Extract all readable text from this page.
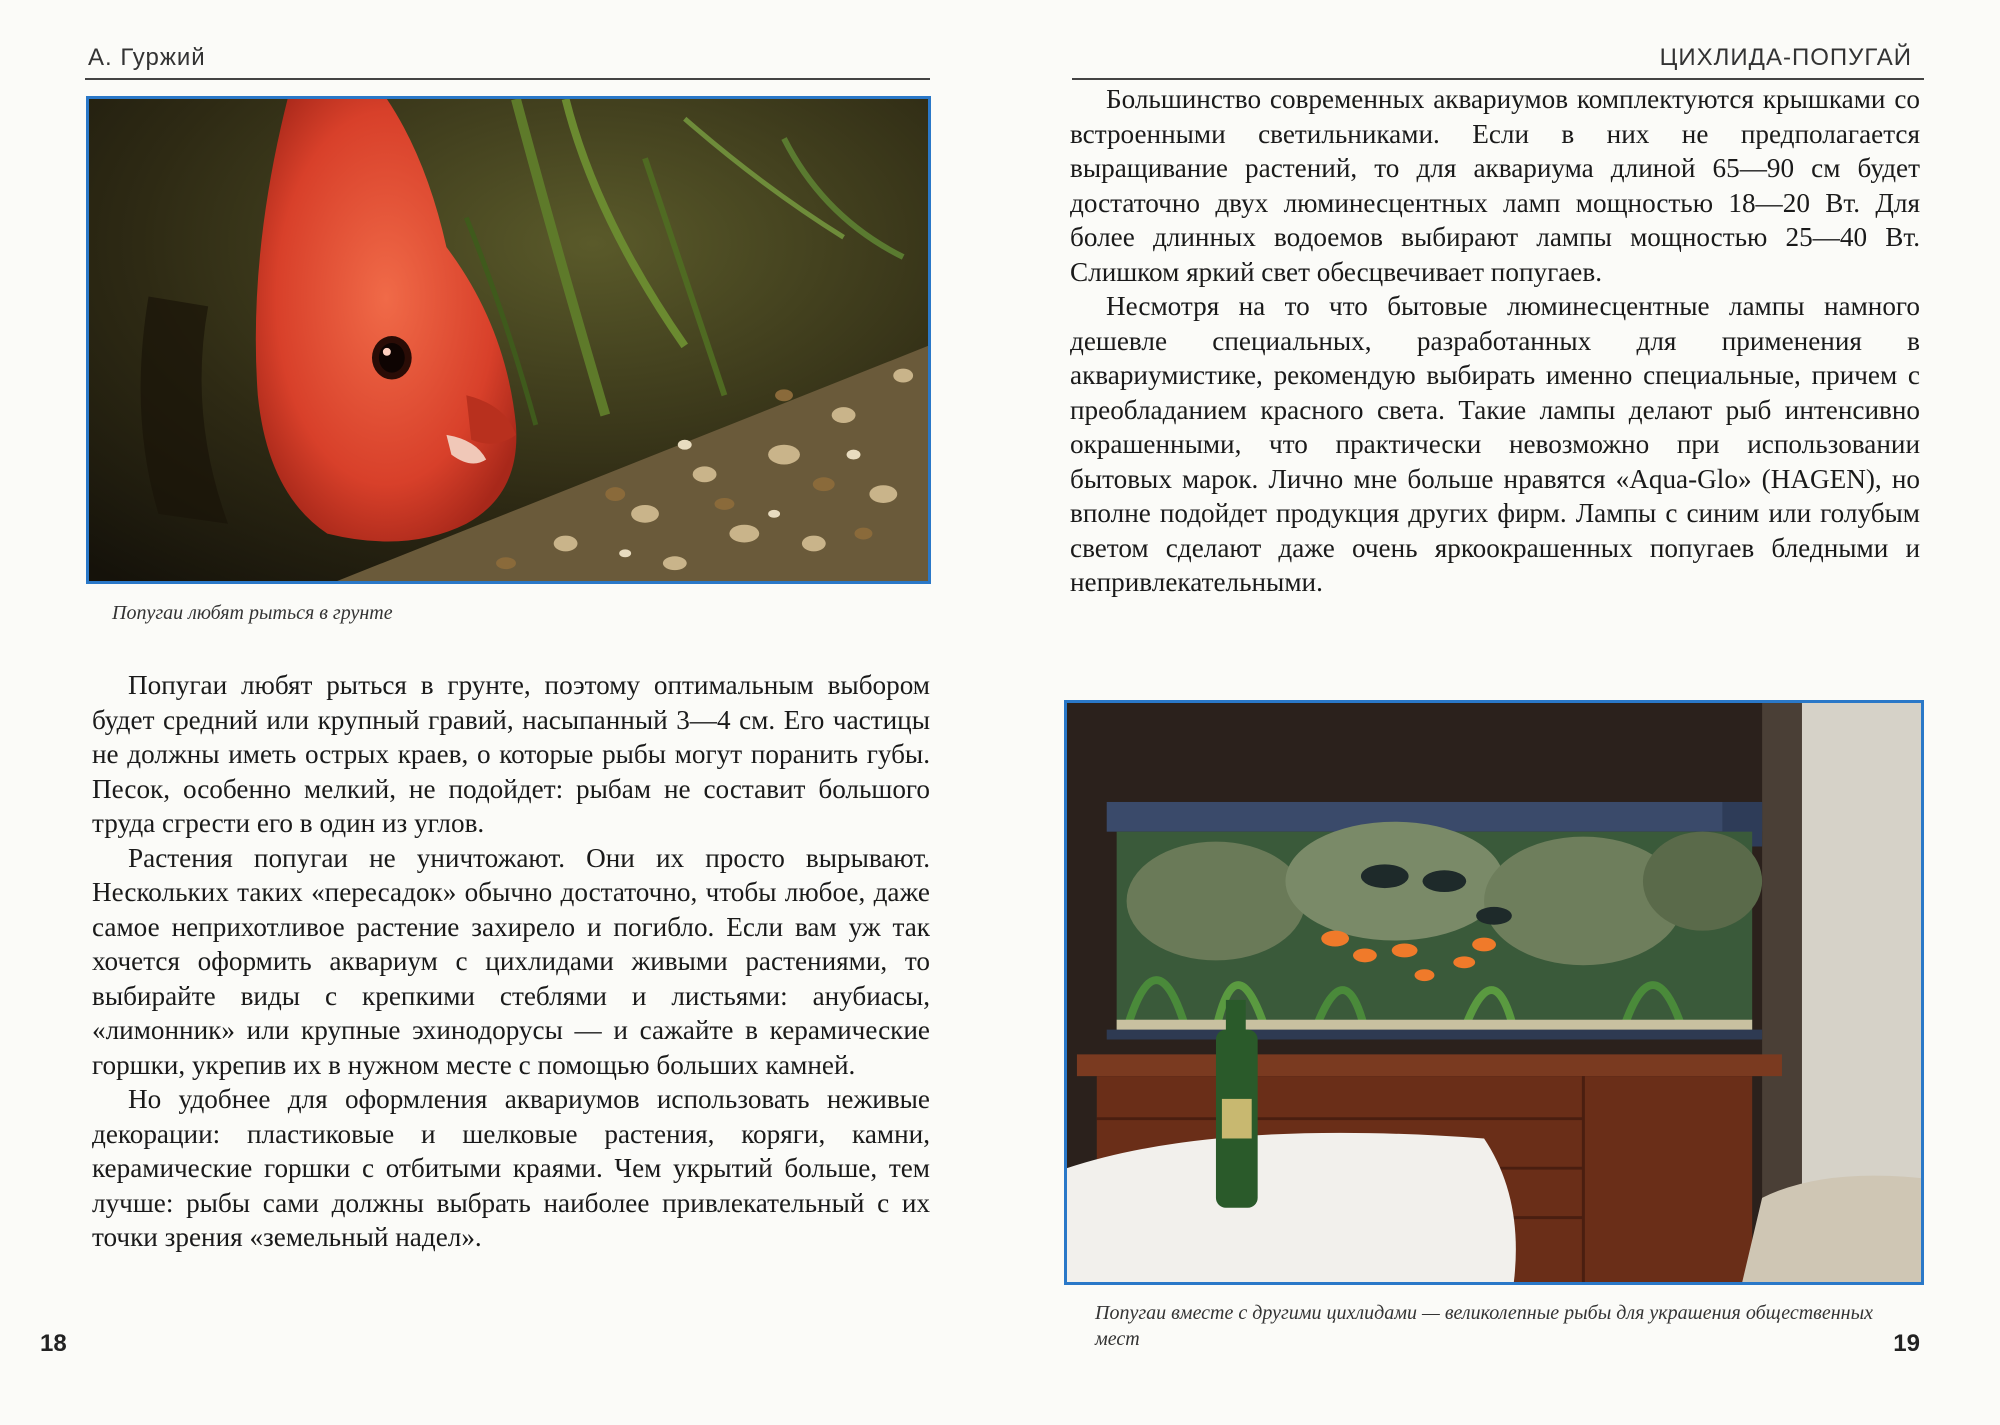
А. Гуржий
Попугаи любят рыться в грунте

Попугаи любят рыться в грунте, поэтому оптимальным выбором будет средний или крупный гравий, насыпанный 3—4 см. Его частицы не должны иметь острых краев, о которые рыбы могут поранить губы. Песок, особенно мелкий, не подойдет: рыбам не составит большого труда сгрести его в один из углов.

Растения попугаи не уничтожают. Они их просто вырывают. Нескольких таких «пересадок» обычно достаточно, чтобы любое, даже самое неприхотливое растение захирело и погибло. Если вам уж так хочется оформить аквариум с цихлидами живыми растениями, то выбирайте виды с крепкими стеблями и листьями: анубиасы, «лимонник» или крупные эхинодорусы — и сажайте в керамические горшки, укрепив их в нужном месте с помощью больших камней.

Но удобнее для оформления аквариумов использовать неживые декорации: пластиковые и шелковые растения, коряги, камни, керамические горшки с отбитыми краями. Чем укрытий больше, тем лучше: рыбы сами должны выбрать наиболее привлекательный с их точки зрения «земельный надел».

18
ЦИХЛИДА-ПОПУГАЙ

Большинство современных аквариумов комплектуются крышками со встроенными светильниками. Если в них не предполагается выращивание растений, то для аквариума длиной 65—90 см будет достаточно двух люминесцентных ламп мощностью 18—20 Вт. Для более длинных водоемов выбирают лампы мощностью 25—40 Вт. Слишком яркий свет обесцвечивает попугаев.

Несмотря на то что бытовые люминесцентные лампы намного дешевле специальных, разработанных для применения в аквариумистике, рекомендую выбирать именно специальные, причем с преобладанием красного света. Такие лампы делают рыб интенсивно окрашенными, что практически невозможно при использовании бытовых марок. Лично мне больше нравятся «Aqua-Glo» (HAGEN), но вполне подойдет продукция других фирм. Лампы с синим или голубым светом сделают даже очень яркоокрашенных попугаев бледными и непривлекательными.

Попугаи вместе с другими цихлидами — великолепные рыбы для украшения общественных мест	19
